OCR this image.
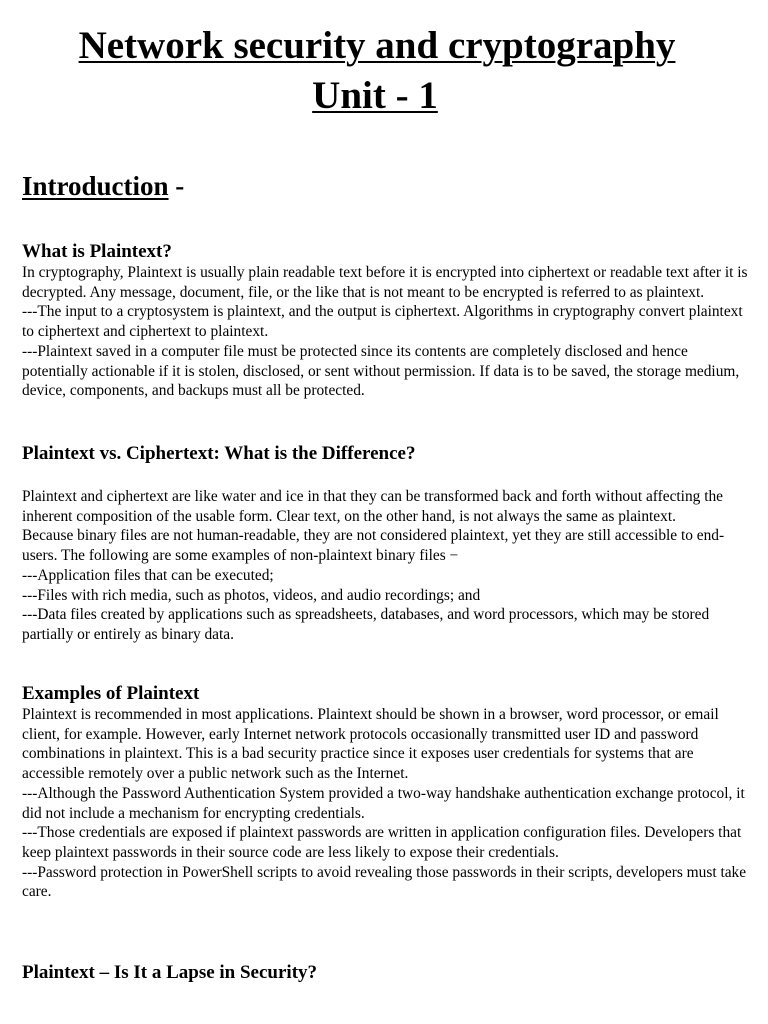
Network security and cryptography
Unit - 1
Introduction -
What is Plaintext?

In cryptography, Plaintext is usually plain readable text before it is encrypted into ciphertext or readable text after it is decrypted. Any message, document, file, or the like that is not meant to be encrypted is referred to as plaintext.

---The input to a cryptosystem is plaintext, and the output is ciphertext. Algorithms in cryptography convert plaintext to ciphertext and ciphertext to plaintext.

---Plaintext saved in a computer file must be protected since its contents are completely disclosed and hence potentially actionable if it is stolen, disclosed, or sent without permission. If data is to be saved, the storage medium, device, components, and backups must all be protected.

Plaintext vs. Ciphertext: What is the Difference?

Plaintext and ciphertext are like water and ice in that they can be transformed back and forth without affecting the inherent composition of the usable form. Clear text, on the other hand, is not always the same as plaintext.

Because binary files are not human-readable, they are not considered plaintext, yet they are still accessible to end-users. The following are some examples of non-plaintext binary files −

---Application files that can be executed;

---Files with rich media, such as photos, videos, and audio recordings; and

---Data files created by applications such as spreadsheets, databases, and word processors, which may be stored partially or entirely as binary data.

Examples of Plaintext

Plaintext is recommended in most applications. Plaintext should be shown in a browser, word processor, or email client, for example. However, early Internet network protocols occasionally transmitted user ID and password combinations in plaintext. This is a bad security practice since it exposes user credentials for systems that are accessible remotely over a public network such as the Internet.

---Although the Password Authentication System provided a two-way handshake authentication exchange protocol, it did not include a mechanism for encrypting credentials.

---Those credentials are exposed if plaintext passwords are written in application configuration files. Developers that keep plaintext passwords in their source code are less likely to expose their credentials.

---Password protection in PowerShell scripts to avoid revealing those passwords in their scripts, developers must take care.

Plaintext – Is It a Lapse in Security?
